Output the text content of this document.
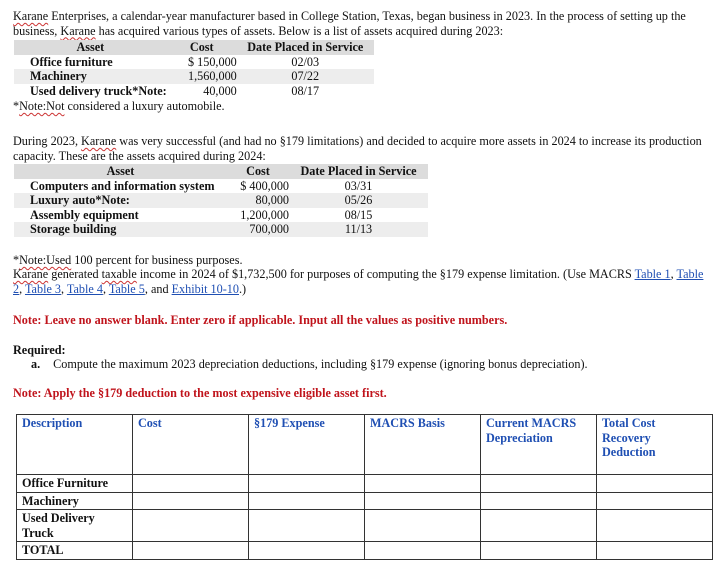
Karane Enterprises, a calendar-year manufacturer based in College Station, Texas, began business in 2023. In the process of setting up the business, Karane has acquired various types of assets. Below is a list of assets acquired during 2023:

Asset	Cost	Date Placed in Service
Office furniture	$ 150,000	02/03
Machinery	1,560,000	07/22
Used delivery truck*Note:	40,000	08/17

*Note:Not considered a luxury automobile.

During 2023, Karane was very successful (and had no §179 limitations) and decided to acquire more assets in 2024 to increase its production capacity. These are the assets acquired during 2024:

Asset	Cost	Date Placed in Service
Computers and information system	$ 400,000	03/31
Luxury auto*Note:	80,000	05/26
Assembly equipment	1,200,000	08/15
Storage building	700,000	11/13

*Note:Used 100 percent for business purposes.

Karane generated taxable income in 2024 of $1,732,500 for purposes of computing the §179 expense limitation. (Use MACRS Table 1, Table 2, Table 3, Table 4, Table 5, and Exhibit 10-10.)

Note: Leave no answer blank. Enter zero if applicable. Input all the values as positive numbers.

Required:

a. Compute the maximum 2023 depreciation deductions, including §179 expense (ignoring bonus depreciation).

Note: Apply the §179 deduction to the most expensive eligible asset first.

Description	Cost	§179 Expense	MACRS Basis	Current MACRS Depreciation	Total Cost Recovery Deduction
Office Furniture					
Machinery					
Used Delivery Truck					
TOTAL					
